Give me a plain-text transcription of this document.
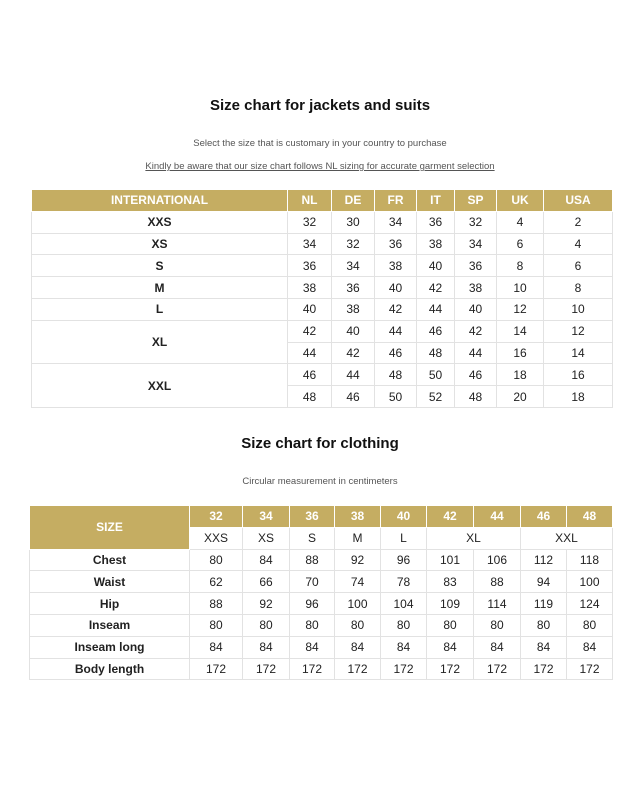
Size chart for jackets and suits
Select the size that is customary in your country to purchase
Kindly be aware that our size chart follows NL sizing for accurate garment selection
INTERNATIONAL	NL	DE	FR	IT	SP	UK	USA
XXS	32	30	34	36	32	4	2
XS	34	32	36	38	34	6	4
S	36	34	38	40	36	8	6
M	38	36	40	42	38	10	8
L	40	38	42	44	40	12	10
XL	42	40	44	46	42	14	12
	44	42	46	48	44	16	14
XXL	46	44	48	50	46	18	16
	48	46	50	52	48	20	18
Size chart for clothing
Circular measurement in centimeters
SIZE	32	34	36	38	40	42	44	46	48
	XXS	XS	S	M	L	XL		XXL	
Chest	80	84	88	92	96	101	106	112	118
Waist	62	66	70	74	78	83	88	94	100
Hip	88	92	96	100	104	109	114	119	124
Inseam	80	80	80	80	80	80	80	80	80
Inseam long	84	84	84	84	84	84	84	84	84
Body length	172	172	172	172	172	172	172	172	172
